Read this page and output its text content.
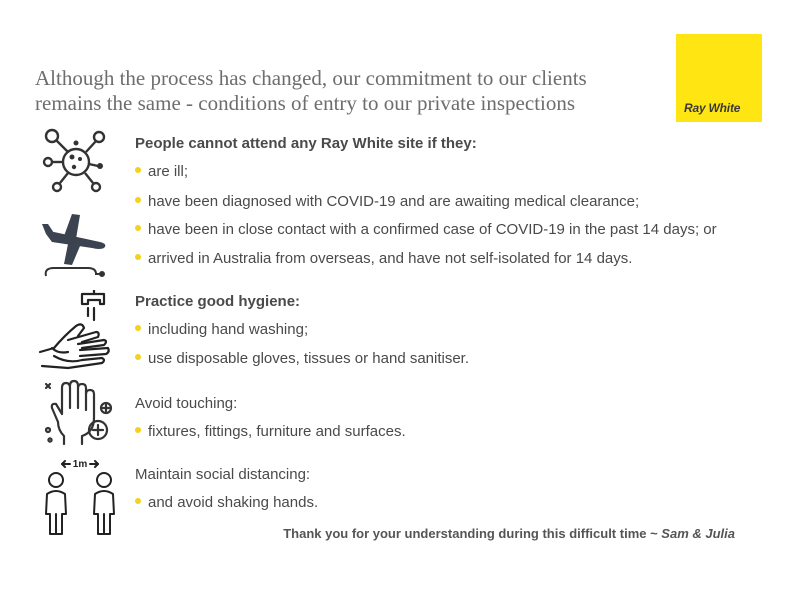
Although the process has changed, our commitment to our clients
remains the same - conditions of entry to our private inspections	Ray White
1m
People cannot attend any Ray White site if they:
are ill;
have been diagnosed with COVID-19 and are awaiting medical clearance;
have been in close contact with a confirmed case of COVID-19 in the past 14 days; or
arrived in Australia from overseas, and have not self-isolated for 14 days.
Practice good hygiene:
including hand washing;
use disposable gloves, tissues or hand sanitiser.
Avoid touching:
fixtures, fittings, furniture and surfaces.
Maintain social distancing:
and avoid shaking hands.
Thank you for your understanding during this difficult time ~ Sam & Julia
